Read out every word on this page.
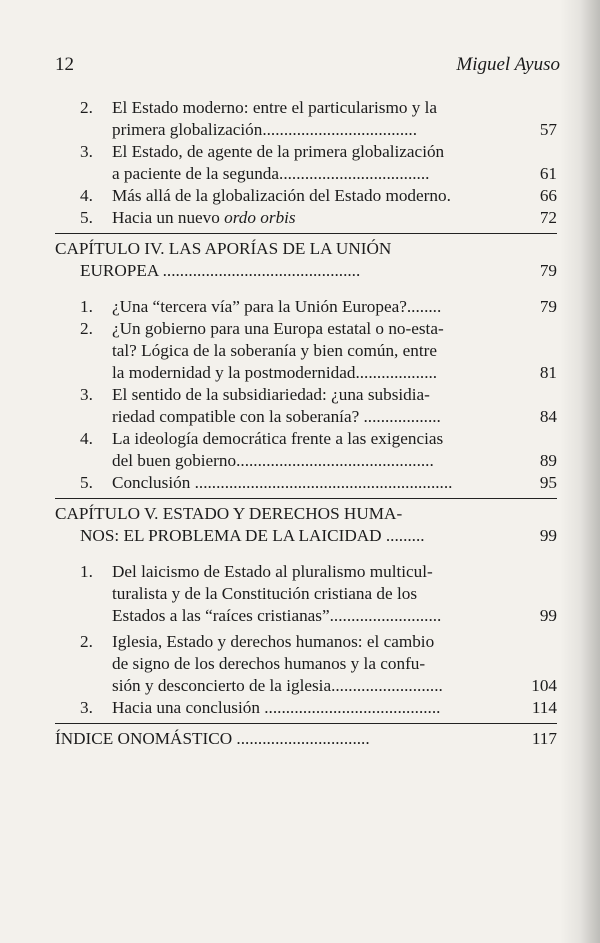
12	Miguel Ayuso
2. El Estado moderno: entre el particularismo y la
primera globalización....................................	57
3. El Estado, de agente de la primera globalización
a paciente de la segunda...................................	61
4. Más allá de la globalización del Estado moderno.	66
5. Hacia un nuevo ordo orbis	72
CAPÍTULO IV. LAS APORÍAS DE LA UNIÓN
EUROPEA ..............................................	79
1. ¿Una “tercera vía” para la Unión Europea?........	79
2. ¿Un gobierno para una Europa estatal o no-esta-
tal? Lógica de la soberanía y bien común, entre
la modernidad y la postmodernidad...................	81
3. El sentido de la subsidiariedad: ¿una subsidia-
riedad compatible con la soberanía? ..................	84
4. La ideología democrática frente a las exigencias
del buen gobierno..............................................	89
5. Conclusión ............................................................	95
CAPÍTULO V. ESTADO Y DERECHOS HUMA-
NOS: EL PROBLEMA DE LA LAICIDAD .........	99
1. Del laicismo de Estado al pluralismo multicul-
turalista y de la Constitución cristiana de los
Estados a las “raíces cristianas”..........................	99
2. Iglesia, Estado y derechos humanos: el cambio
de signo de los derechos humanos y la confu-
sión y desconcierto de la iglesia..........................	104
3. Hacia una conclusión .........................................	114
ÍNDICE ONOMÁSTICO ...............................	117
